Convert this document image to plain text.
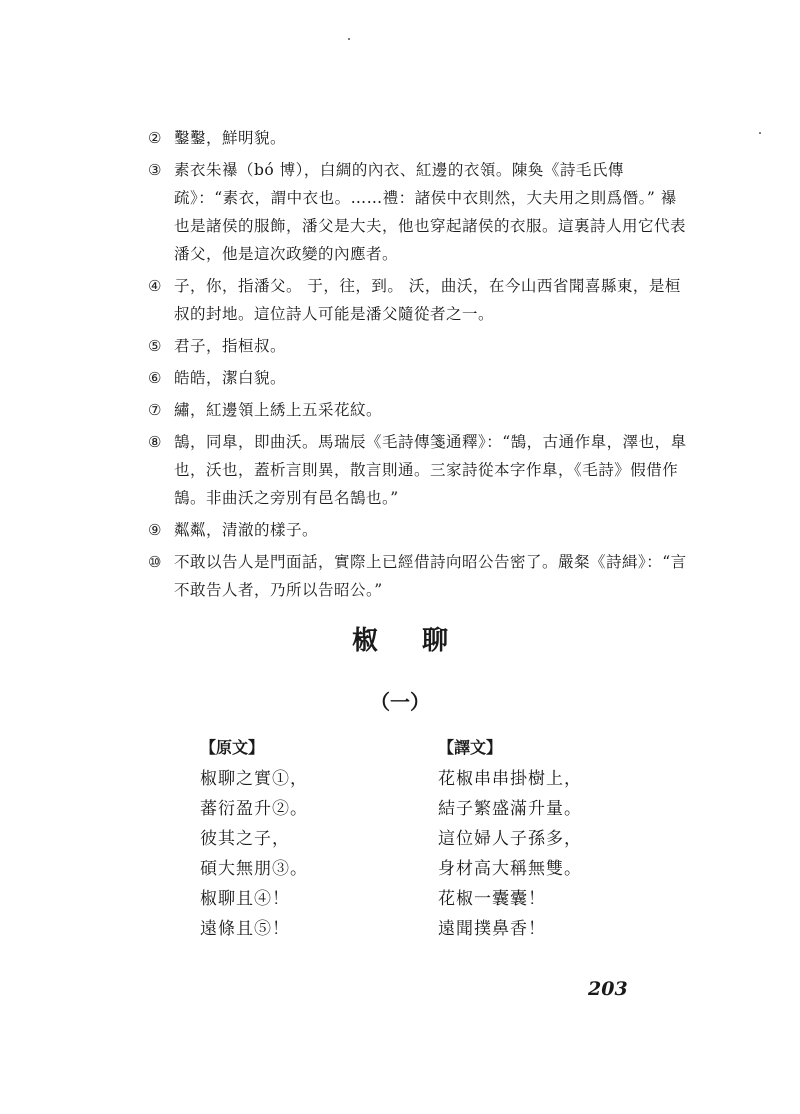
② 鑿鑿，鮮明貌。
③ 素衣朱襮（bó 博），白綢的內衣、紅邊的衣領。陳奐《詩毛氏傳疏》：“素衣，謂中衣也。……禮：諸侯中衣則然，大夫用之則爲僭。” 襮也是諸侯的服飾，潘父是大夫，他也穿起諸侯的衣服。這裏詩人用它代表潘父，他是這次政變的內應者。
④ 子，你，指潘父。 于，往，到。 沃，曲沃，在今山西省聞喜縣東，是桓叔的封地。這位詩人可能是潘父隨從者之一。
⑤ 君子，指桓叔。
⑥ 皓皓，潔白貌。
⑦ 繡，紅邊領上綉上五采花紋。
⑧ 鵠，同臯，即曲沃。馬瑞辰《毛詩傳箋通釋》：“鵠，古通作臯，澤也，臯也，沃也，蓋析言則異，散言則通。三家詩從本字作臯，《毛詩》假借作鵠。非曲沃之旁別有邑名鵠也。”
⑨ 粼粼，清澈的樣子。
⑩ 不敢以告人是門面話，實際上已經借詩向昭公告密了。嚴粲《詩緝》：“言不敢告人者，乃所以告昭公。”
椒聊
（一）
【原文】
椒聊之實①，
蕃衍盈升②。
彼其之子，
碩大無朋③。
椒聊且④！
遠條且⑤！
【譯文】
花椒串串掛樹上，
結子繁盛滿升量。
這位婦人子孫多，
身材高大稱無雙。
花椒一囊囊！
遠聞撲鼻香！
203
